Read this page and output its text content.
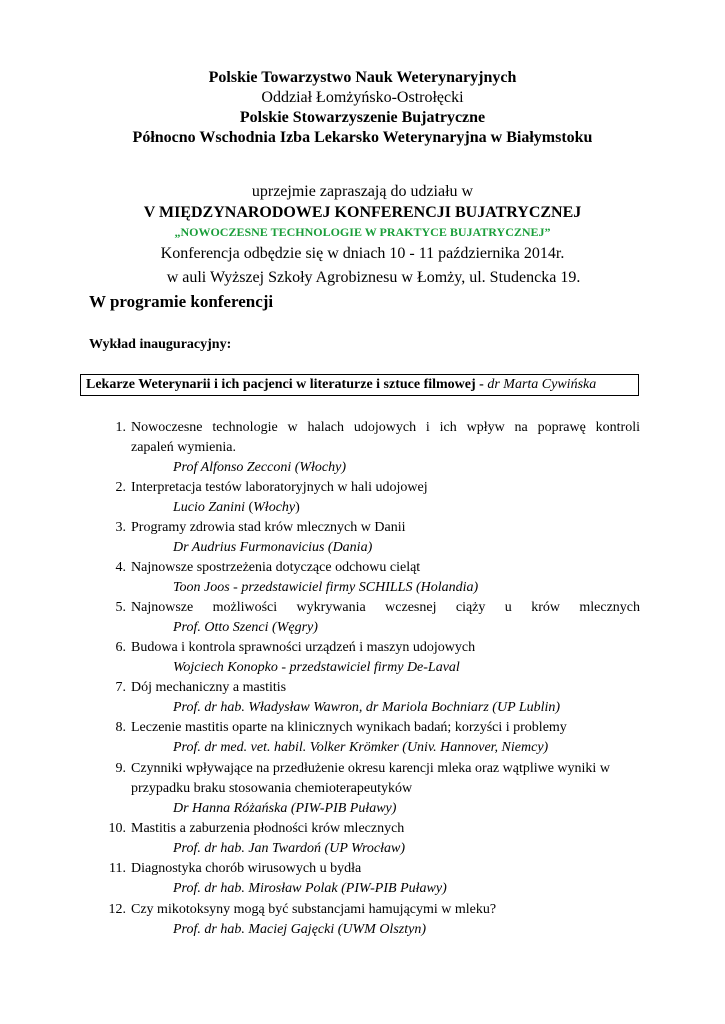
Polskie Towarzystwo Nauk Weterynaryjnych
Oddział Łomżyńsko-Ostrołęcki
Polskie Stowarzyszenie Bujatryczne
Północno Wschodnia Izba Lekarsko Weterynaryjna w Białymstoku
uprzejmie zapraszają do udziału w
V MIĘDZYNARODOWEJ KONFERENCJI BUJATRYCZNEJ
„NOWOCZESNE TECHNOLOGIE W PRAKTYCE BUJATRYCZNEJ”
Konferencja odbędzie się w dniach 10 - 11 października 2014r.
w auli Wyższej Szkoły Agrobiznesu w Łomży, ul. Studencka 19.
W programie konferencji
Wykład inauguracyjny:
Lekarze Weterynarii i ich pacjenci w literaturze i sztuce filmowej - dr Marta Cywińska
1. Nowoczesne technologie w halach udojowych i ich wpływ na poprawę kontroli
zapaleń wymienia.
Prof Alfonso Zecconi (Włochy)
2. Interpretacja testów laboratoryjnych w hali udojowej
Lucio Zanini (Włochy)
3. Programy zdrowia stad krów mlecznych w Danii
Dr Audrius Furmonavicius (Dania)
4. Najnowsze spostrzeżenia dotyczące odchowu cieląt
Toon Joos - przedstawiciel firmy SCHILLS (Holandia)
5. Najnowsze możliwości wykrywania wczesnej ciąży u krów mlecznych
Prof. Otto Szenci (Węgry)
6. Budowa i kontrola sprawności urządzeń i maszyn udojowych
Wojciech Konopko - przedstawiciel firmy De-Laval
7. Dój mechaniczny a mastitis
Prof. dr hab. Władysław Wawron, dr Mariola Bochniarz (UP Lublin)
8. Leczenie mastitis oparte na klinicznych wynikach badań; korzyści i problemy
Prof. dr med. vet. habil. Volker Krömker (Univ. Hannover, Niemcy)
9. Czynniki wpływające na przedłużenie okresu karencji mleka oraz wątpliwe wyniki w
przypadku braku stosowania chemioterapeutyków
Dr Hanna Różańska (PIW-PIB Puławy)
10. Mastitis a zaburzenia płodności krów mlecznych
Prof. dr hab. Jan Twardoń (UP Wrocław)
11. Diagnostyka chorób wirusowych u bydła
Prof. dr hab. Mirosław Polak (PIW-PIB Puławy)
12. Czy mikotoksyny mogą być substancjami hamującymi w mleku?
Prof. dr hab. Maciej Gajęcki (UWM Olsztyn)
